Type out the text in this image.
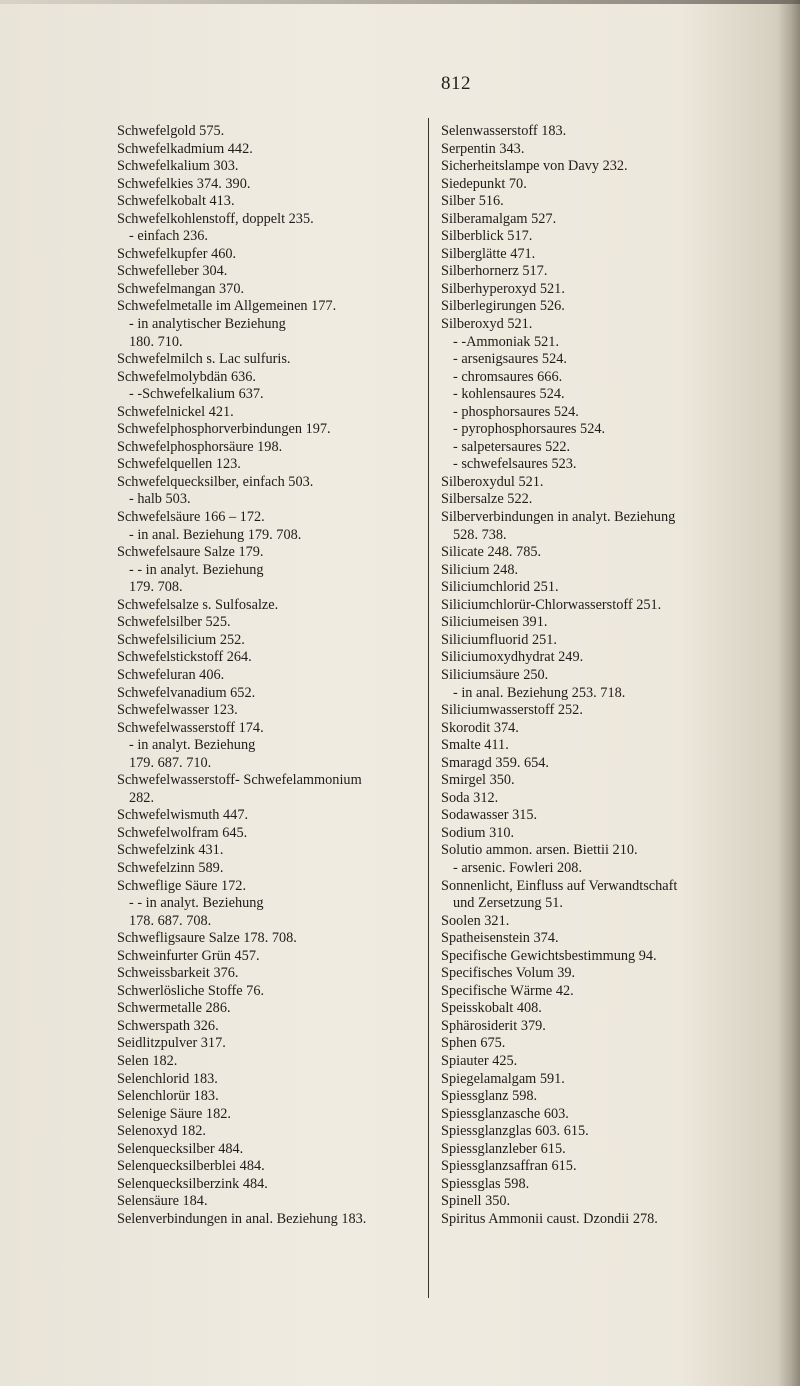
812
Schwefelgold 575.
Schwefelkadmium 442.
Schwefelkalium 303.
Schwefelkies 374. 390.
Schwefelkobalt 413.
Schwefelkohlenstoff, doppelt 235.
- einfach 236.
Schwefelkupfer 460.
Schwefelleber 304.
Schwefelmangan 370.
Schwefelmetalle im Allgemeinen 177.
- in analytischer Beziehung
180. 710.
Schwefelmilch s. Lac sulfuris.
Schwefelmolybdän 636.
- -Schwefelkalium 637.
Schwefelnickel 421.
Schwefelphosphorverbindungen 197.
Schwefelphosphorsäure 198.
Schwefelquellen 123.
Schwefelquecksilber, einfach 503.
- halb 503.
Schwefelsäure 166 – 172.
- in anal. Beziehung 179. 708.
Schwefelsaure Salze 179.
- - in analyt. Beziehung
179. 708.
Schwefelsalze s. Sulfosalze.
Schwefelsilber 525.
Schwefelsilicium 252.
Schwefelstickstoff 264.
Schwefeluran 406.
Schwefelvanadium 652.
Schwefelwasser 123.
Schwefelwasserstoff 174.
- in analyt. Beziehung
179. 687. 710.
Schwefelwasserstoff- Schwefelammonium
282.
Schwefelwismuth 447.
Schwefelwolfram 645.
Schwefelzink 431.
Schwefelzinn 589.
Schweflige Säure 172.
- - in analyt. Beziehung
178. 687. 708.
Schwefligsaure Salze 178. 708.
Schweinfurter Grün 457.
Schweissbarkeit 376.
Schwerlösliche Stoffe 76.
Schwermetalle 286.
Schwerspath 326.
Seidlitzpulver 317.
Selen 182.
Selenchlorid 183.
Selenchlorür 183.
Selenige Säure 182.
Selenoxyd 182.
Selenquecksilber 484.
Selenquecksilberblei 484.
Selenquecksilberzink 484.
Selensäure 184.
Selenverbindungen in anal. Beziehung 183.
Selenwasserstoff 183.
Serpentin 343.
Sicherheitslampe von Davy 232.
Siedepunkt 70.
Silber 516.
Silberamalgam 527.
Silberblick 517.
Silberglätte 471.
Silberhornerz 517.
Silberhyperoxyd 521.
Silberlegirungen 526.
Silberoxyd 521.
- -Ammoniak 521.
- arsenigsaures 524.
- chromsaures 666.
- kohlensaures 524.
- phosphorsaures 524.
- pyrophosphorsaures 524.
- salpetersaures 522.
- schwefelsaures 523.
Silberoxydul 521.
Silbersalze 522.
Silberverbindungen in analyt. Beziehung
528. 738.
Silicate 248. 785.
Silicium 248.
Siliciumchlorid 251.
Siliciumchlorür-Chlorwasserstoff 251.
Siliciumeisen 391.
Siliciumfluorid 251.
Siliciumoxydhydrat 249.
Siliciumsäure 250.
- in anal. Beziehung 253. 718.
Siliciumwasserstoff 252.
Skorodit 374.
Smalte 411.
Smaragd 359. 654.
Smirgel 350.
Soda 312.
Sodawasser 315.
Sodium 310.
Solutio ammon. arsen. Biettii 210.
- arsenic. Fowleri 208.
Sonnenlicht, Einfluss auf Verwandtschaft
und Zersetzung 51.
Soolen 321.
Spatheisenstein 374.
Specifische Gewichtsbestimmung 94.
Specifisches Volum 39.
Specifische Wärme 42.
Speisskobalt 408.
Sphärosiderit 379.
Sphen 675.
Spiauter 425.
Spiegelamalgam 591.
Spiessglanz 598.
Spiessglanzasche 603.
Spiessglanzglas 603. 615.
Spiessglanzleber 615.
Spiessglanzsaffran 615.
Spiessglas 598.
Spinell 350.
Spiritus Ammonii caust. Dzondii 278.
